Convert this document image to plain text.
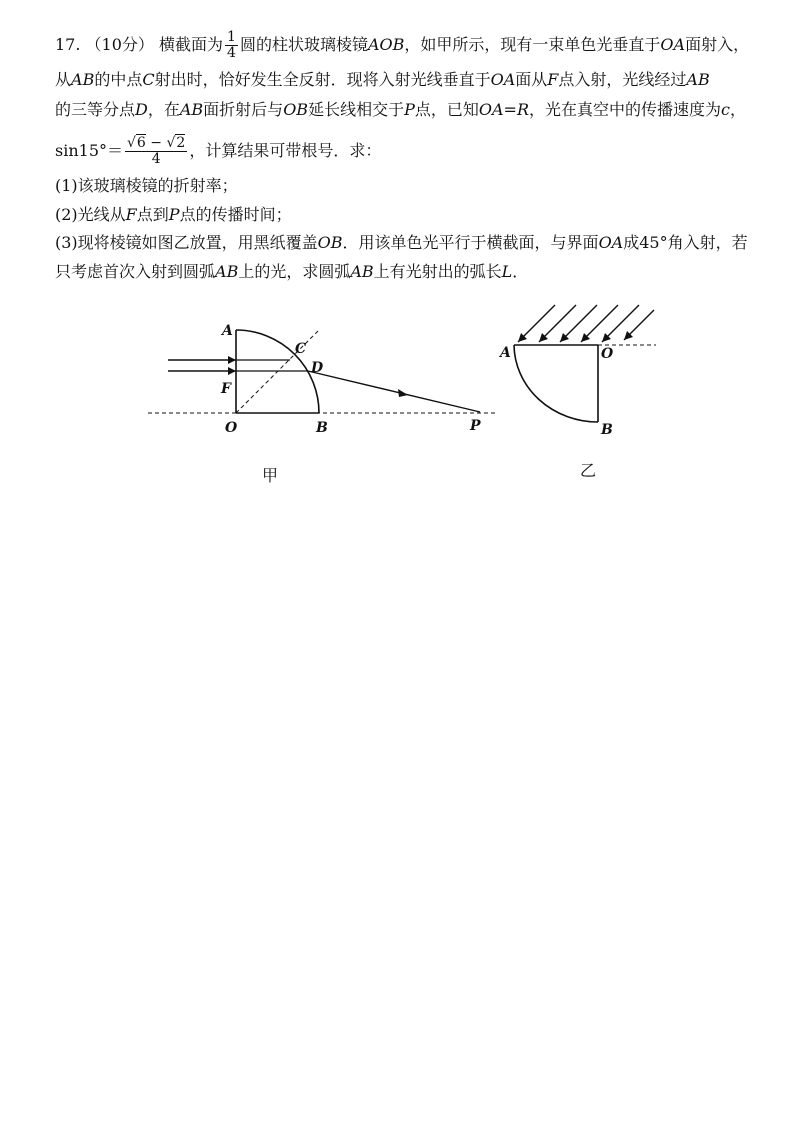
17. （10分） 横截面为 $\frac{1}{4}$ 圆的柱状玻璃棱镜AOB，如甲所示，现有一束单色光垂直于OA面射入，
从AB的中点C射出时，恰好发生全反射．现将入射光线垂直于OA面从F点入射，光线经过AB
的三等分点D，在AB面折射后与OB延长线相交于P点，已知OA=R，光在真空中的传播速度为c，
$\sin 15^\circ= \frac{√6 - √2}{4}$ ，计算结果可带根号．求：
(1)该玻璃棱镜的折射率；
(2)光线从F点到P点的传播时间；
(3)现将棱镜如图乙放置，用黑纸覆盖OB．用该单色光平行于横截面，与界面OA成45°角入射，若
只考虑首次入射到圆弧AB上的光，求圆弧AB上有光射出的弧长L．
A
C
D
F
O	B	P
甲
A	O
B
乙
